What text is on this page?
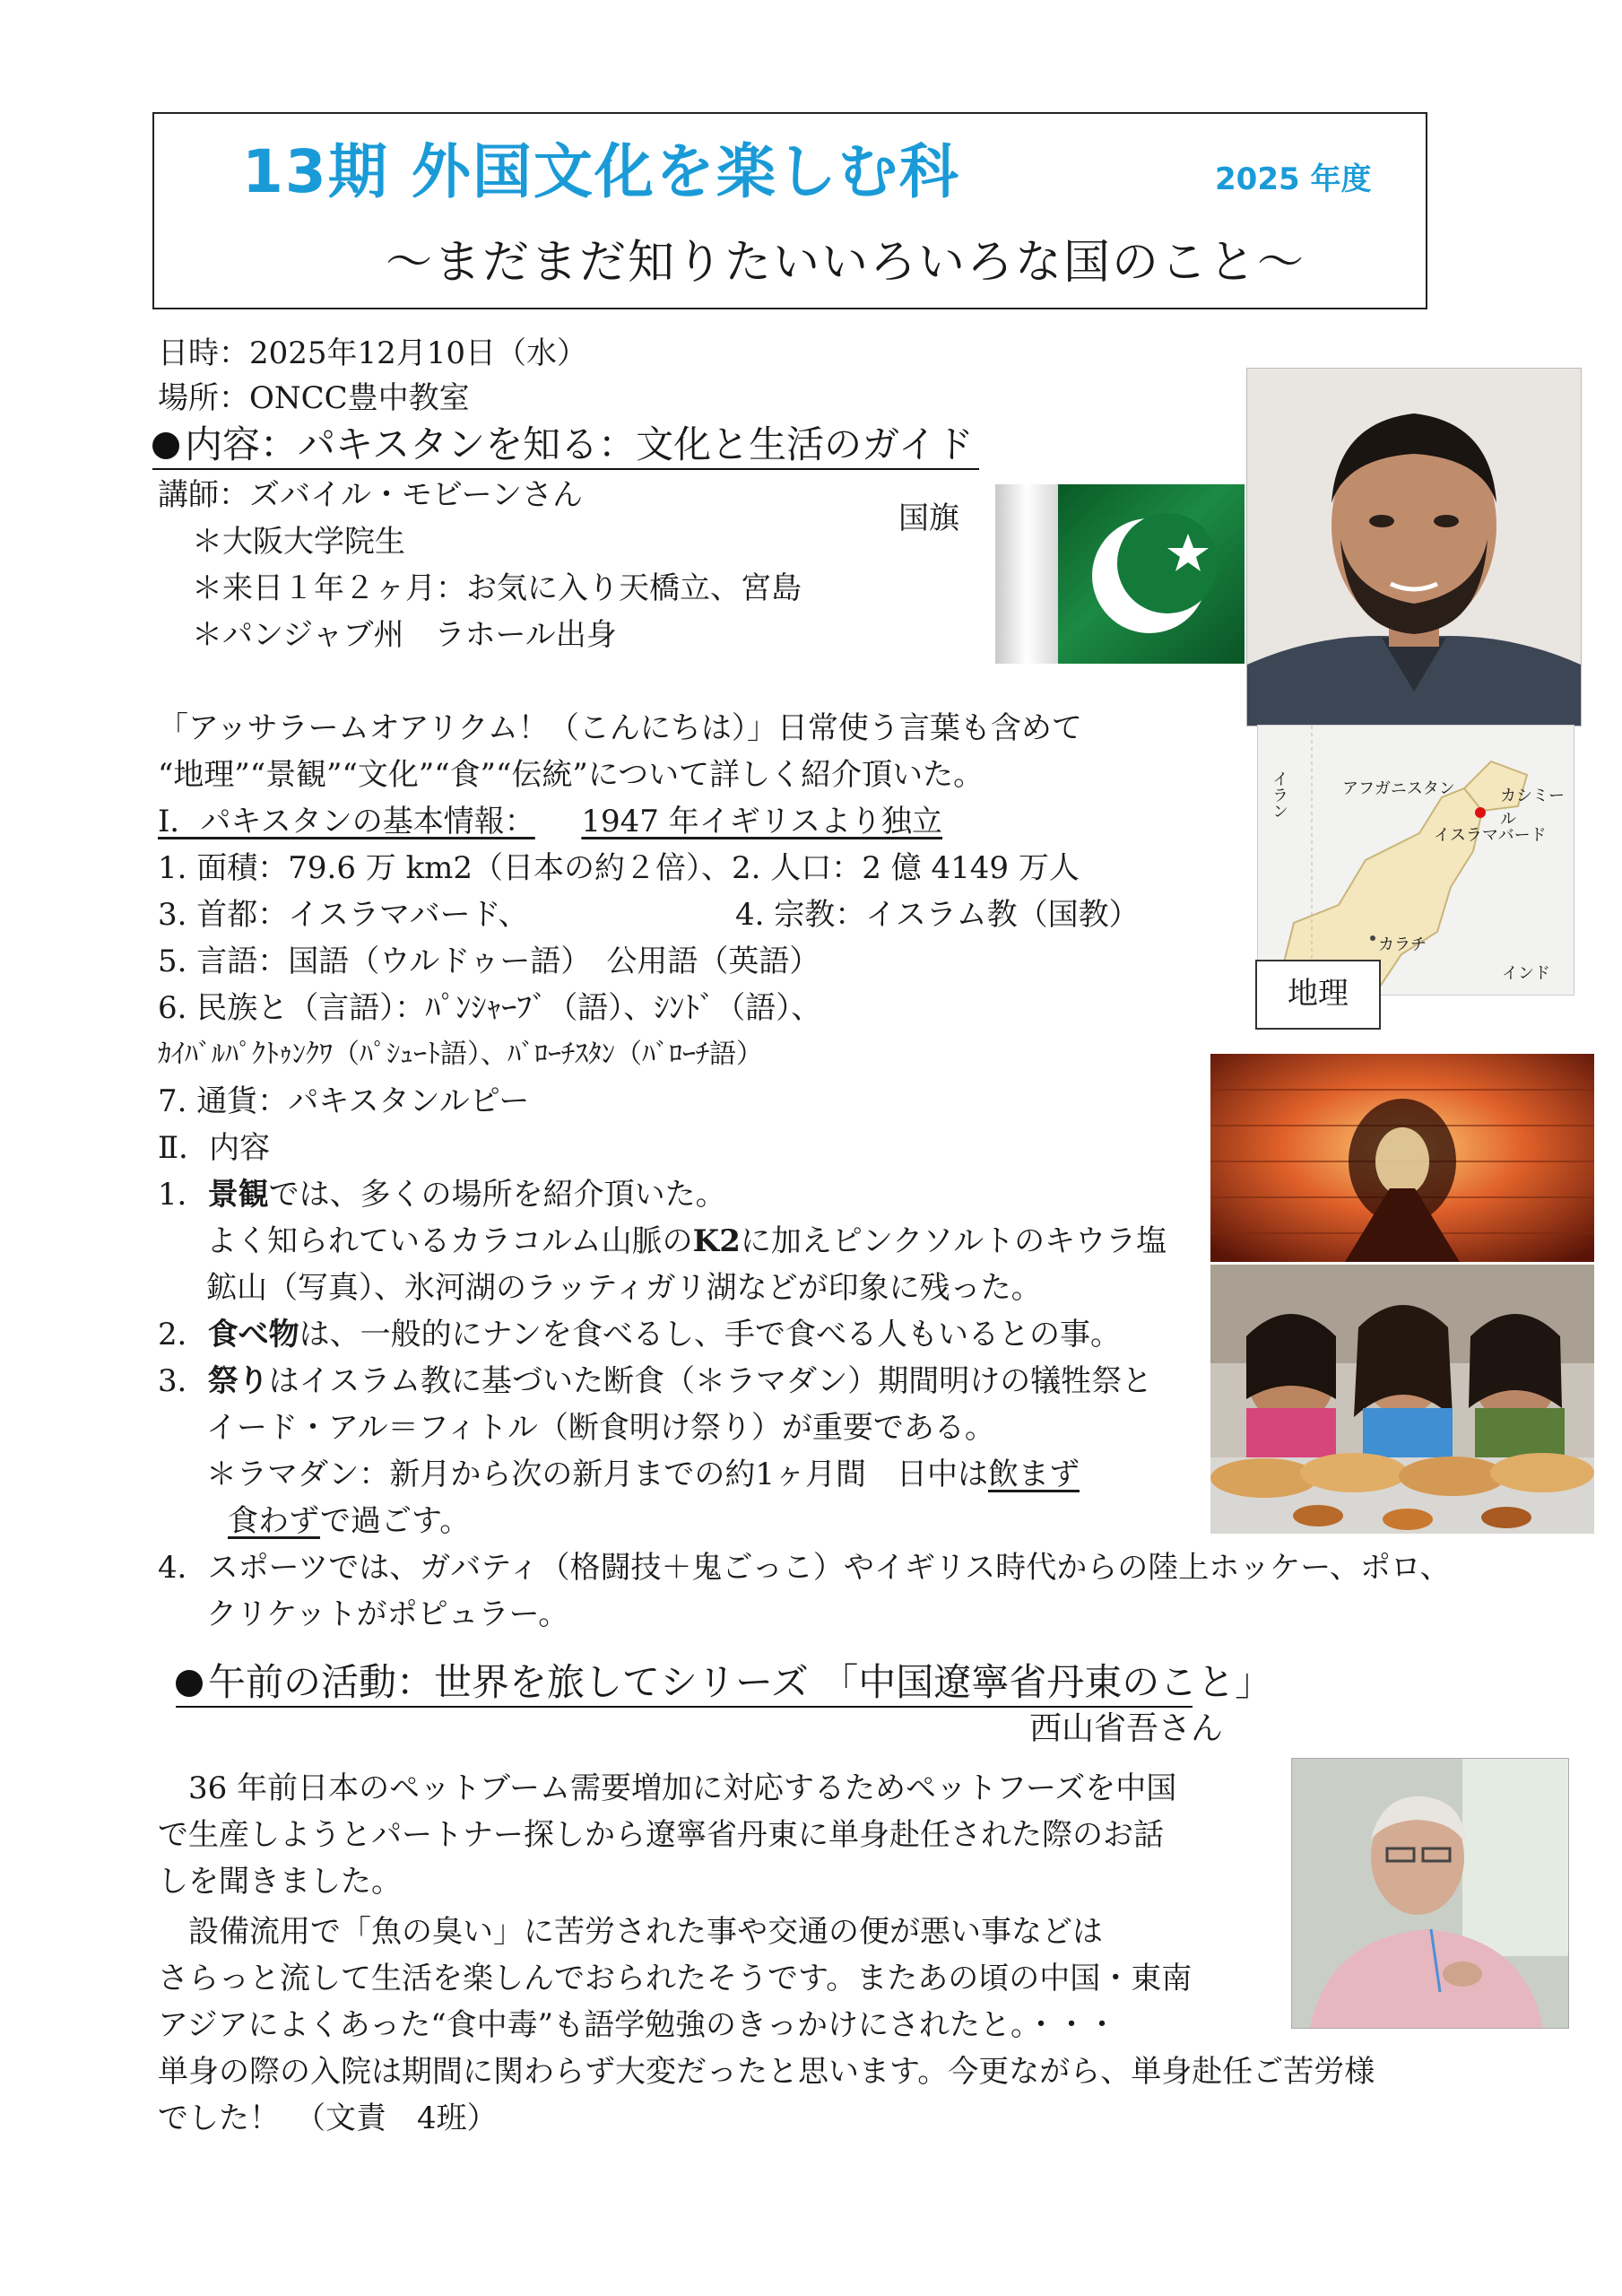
13期 外国文化を楽しむ科	2025 年度
～まだまだ知りたいいろいろな国のこと～
日時：2025年12月10日（水）
場所：ONCC豊中教室
内容：パキスタンを知る：文化と生活のガイド
講師：ズバイル・モビーンさん
＊大阪大学院生
＊来日１年２ヶ月：お気に入り天橋立、宮島
＊パンジャブ州　ラホール出身
国旗
「アッサラームオアリクム！（こんにちは）」日常使う言葉も含めて
“地理”“景観”“文化”“食”“伝統”について詳しく紹介頂いた。
Ⅰ．パキスタンの基本情報： 1947 年イギリスより独立
1. 面積：79.6 万 km2（日本の約２倍）、2. 人口：2 億 4149 万人
3. 首都：イスラマバード、	4. 宗教：イスラム教（国教）
5. 言語：国語（ウルドゥー語）　公用語（英語）
6. 民族と（言語）：ﾊﾟﾝｼｬｰﾌﾞ（語）、ｼﾝﾄﾞ（語）、
ｶｲﾊﾞﾙﾊﾟｸﾄｩﾝｸﾜ（ﾊﾟｼｭｰﾄ語）、ﾊﾞﾛｰﾁｽﾀﾝ（ﾊﾞﾛｰﾁ語）
7. 通貨：パキスタンルピー
アフガニスタン	カシミール
イスラマバード
カラチ
インド
イラン
地理
Ⅱ．内容
1．景観では、多くの場所を紹介頂いた。
よく知られているカラコルム山脈のK2に加えピンクソルトのキウラ塩
鉱山（写真）、氷河湖のラッティガリ湖などが印象に残った。
2．食べ物は、一般的にナンを食べるし、手で食べる人もいるとの事。
3．祭りはイスラム教に基づいた断食（＊ラマダン）期間明けの犠牲祭と
イード・アル＝フィトル（断食明け祭り）が重要である。
＊ラマダン：新月から次の新月までの約1ヶ月間　日中は飲まず
食わずで過ごす。
4．スポーツでは、ガバティ（格闘技＋鬼ごっこ）やイギリス時代からの陸上ホッケー、ポロ、
クリケットがポピュラー。
午前の活動：世界を旅してシリーズ 「中国遼寧省丹東のこと」
西山省吾さん
　36 年前日本のペットブーム需要増加に対応するためペットフーズを中国
で生産しようとパートナー探しから遼寧省丹東に単身赴任された際のお話
しを聞きました。
　設備流用で「魚の臭い」に苦労された事や交通の便が悪い事などは
さらっと流して生活を楽しんでおられたそうです。またあの頃の中国・東南
アジアによくあった“食中毒”も語学勉強のきっかけにされたと。・・・
単身の際の入院は期間に関わらず大変だったと思います。今更ながら、単身赴任ご苦労様
でした！　（文責　4班）
